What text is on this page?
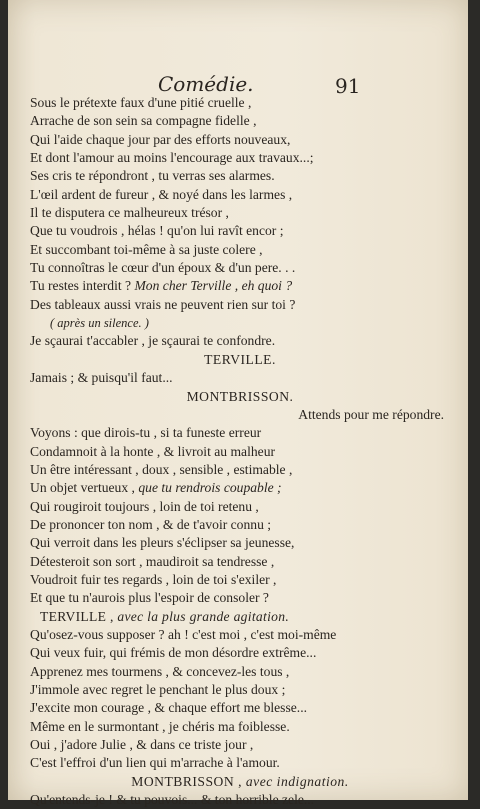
Comédie.	91
Sous le prétexte faux d'une pitié cruelle ,
Arrache de son sein sa compagne fidelle ,
Qui l'aide chaque jour par des efforts nouveaux,
Et dont l'amour au moins l'encourage aux travaux...;
Ses cris te répondront , tu verras ses alarmes.
L'œil ardent de fureur , & noyé dans les larmes ,
Il te disputera ce malheureux trésor ,
Que tu voudrois , hélas ! qu'on lui ravît encor ;
Et succombant toi-même à sa juste colere ,
Tu connoîtras le cœur d'un époux & d'un pere. . .
Tu restes interdit ? Mon cher Terville , eh quoi ?
Des tableaux aussi vrais ne peuvent rien sur toi ?
( après un silence. )
Je sçaurai t'accabler , je sçaurai te confondre.
TERVILLE.
Jamais ; & puisqu'il faut...
MONTBRISSON.
Attends pour me répondre.
Voyons : que dirois-tu , si ta funeste erreur
Condamnoit à la honte , & livroit au malheur
Un être intéressant , doux , sensible , estimable ,
Un objet vertueux , que tu rendrois coupable ;
Qui rougiroit toujours , loin de toi retenu ,
De prononcer ton nom , & de t'avoir connu ;
Qui verroit dans les pleurs s'éclipser sa jeunesse,
Détesteroit son sort , maudiroit sa tendresse ,
Voudroit fuir tes regards , loin de toi s'exiler ,
Et que tu n'aurois plus l'espoir de consoler ?
TERVILLE , avec la plus grande agitation.
Qu'osez-vous supposer ? ah ! c'est moi , c'est moi-même
Qui veux fuir, qui frémis de mon désordre extrême...
Apprenez mes tourmens , & concevez-les tous ,
J'immole avec regret le penchant le plus doux ;
J'excite mon courage , & chaque effort me blesse...
Même en le surmontant , je chéris ma foiblesse.
Oui , j'adore Julie , & dans ce triste jour ,
C'est l'effroi d'un lien qui m'arrache à l'amour.
MONTBRISSON , avec indignation.
Qu'entends-je ! & tu pouvois... & ton horrible zele...
